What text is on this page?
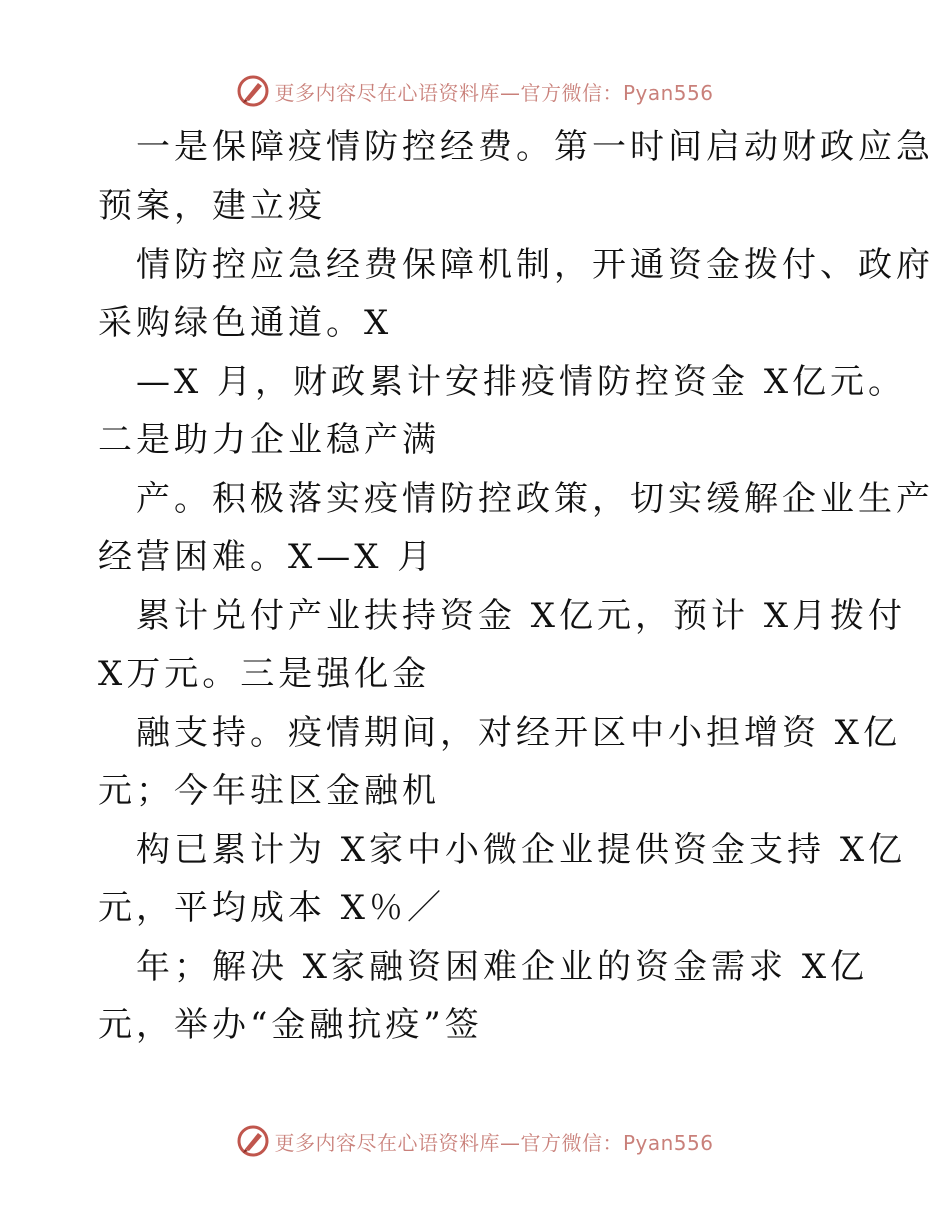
更多内容尽在心语资料库—官方微信：Pyan556
一是保障疫情防控经费。第一时间启动财政应急
预案，建立疫
情防控应急经费保障机制，开通资金拨付、政府
采购绿色通道。X
—X 月，财政累计安排疫情防控资金 X亿元。
二是助力企业稳产满
产。积极落实疫情防控政策，切实缓解企业生产
经营困难。X—X 月
累计兑付产业扶持资金 X亿元，预计 X月拨付
X万元。三是强化金
融支持。疫情期间，对经开区中小担增资 X亿
元；今年驻区金融机
构已累计为 X家中小微企业提供资金支持 X亿
元，平均成本 X％／
年；解决 X家融资困难企业的资金需求 X亿
元，举办“金融抗疫”签
更多内容尽在心语资料库—官方微信：Pyan556
